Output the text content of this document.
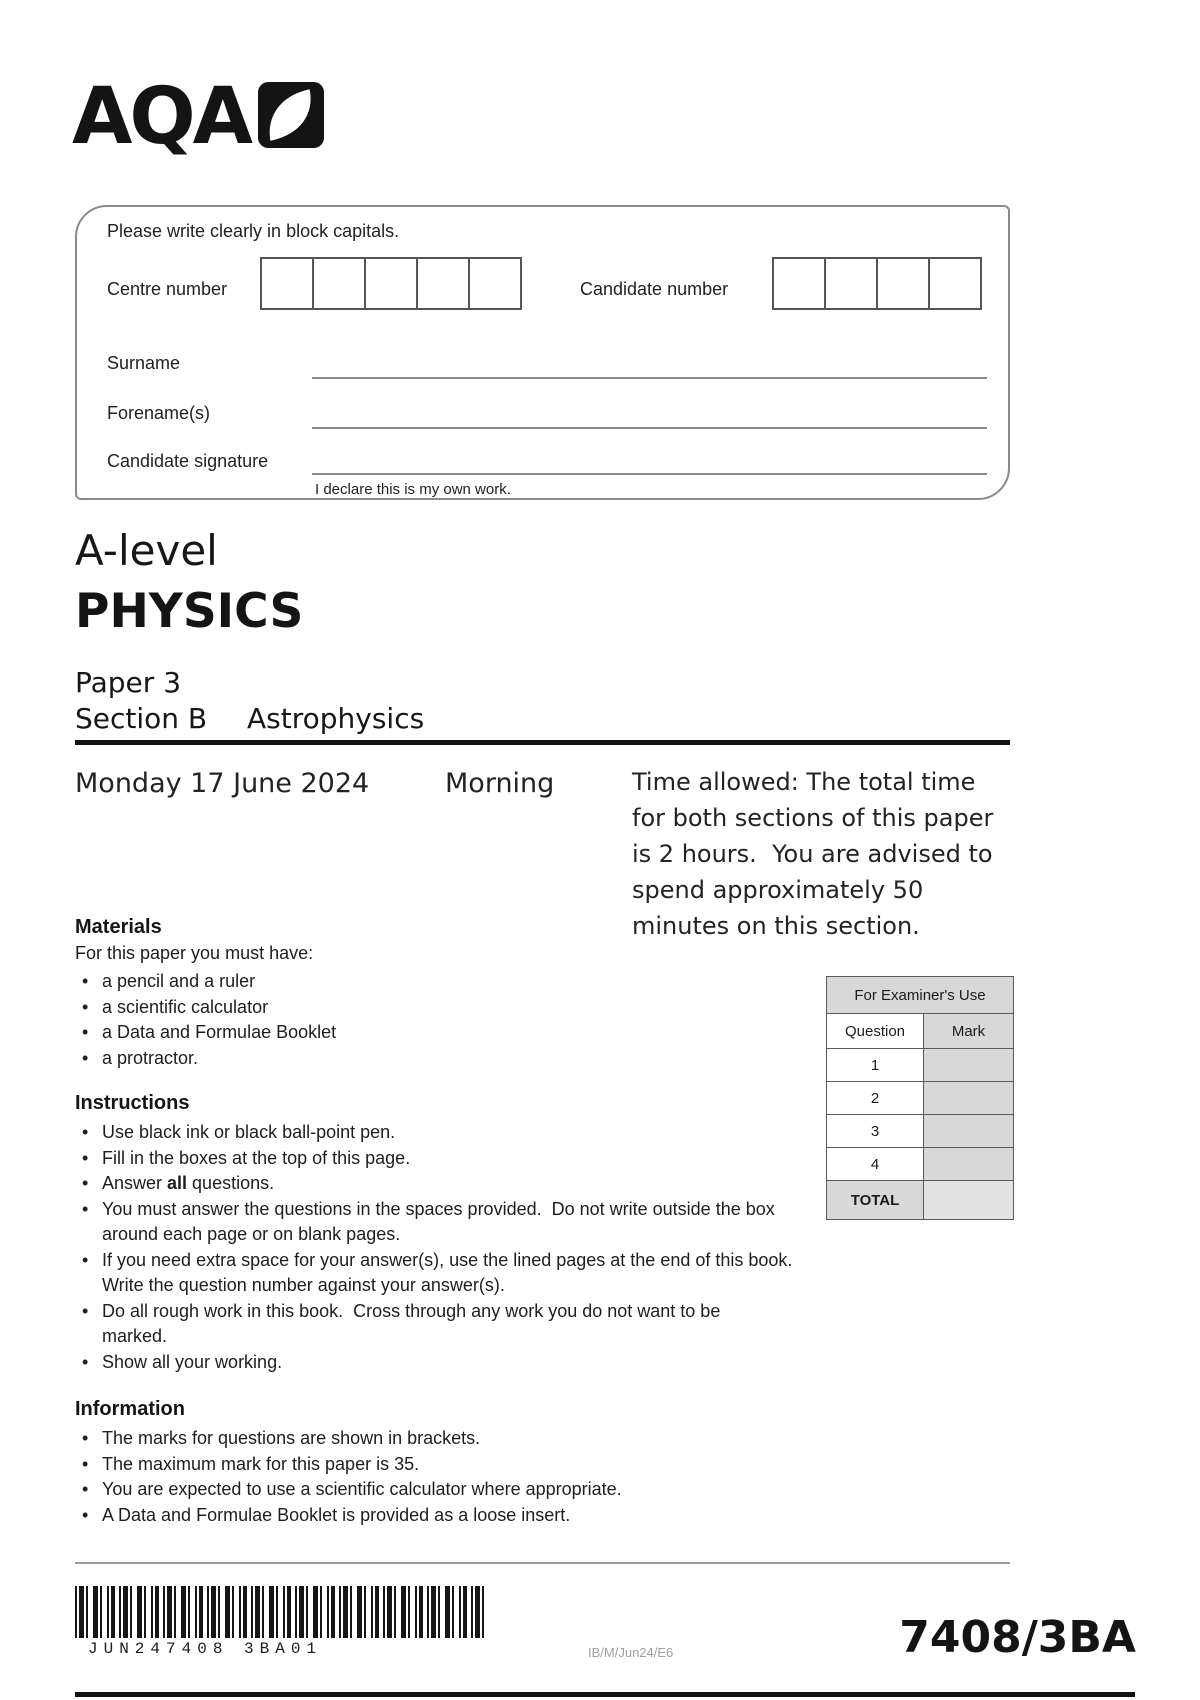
AQA
Please write clearly in block capitals.
Centre number	Candidate number
Surname
Forename(s)
Candidate signature
I declare this is my own work.
A-level
PHYSICS
Paper 3
Section B Astrophysics
Monday 17 June 2024	Morning	Time allowed: The total time for both sections of this paper is 2 hours.  You are advised to spend approximately 50 minutes on this section.
Materials
For this paper you must have:
• a pencil and a ruler
• a scientific calculator
• a Data and Formulae Booklet
• a protractor.
Instructions
• Use black ink or black ball-point pen.
• Fill in the boxes at the top of this page.
• Answer all questions.
• You must answer the questions in the spaces provided.  Do not write outside the box around each page or on blank pages.
• If you need extra space for your answer(s), use the lined pages at the end of this book.  Write the question number against your answer(s).
• Do all rough work in this book.  Cross through any work you do not want to be marked.
• Show all your working.
Information
• The marks for questions are shown in brackets.
• The maximum mark for this paper is 35.
• You are expected to use a scientific calculator where appropriate.
• A Data and Formulae Booklet is provided as a loose insert.
For Examiner's Use	
Question	Mark
1	
2	
3	
4	
TOTAL	
JUN247408 3BA01	IB/M/Jun24/E6	7408/3BA
